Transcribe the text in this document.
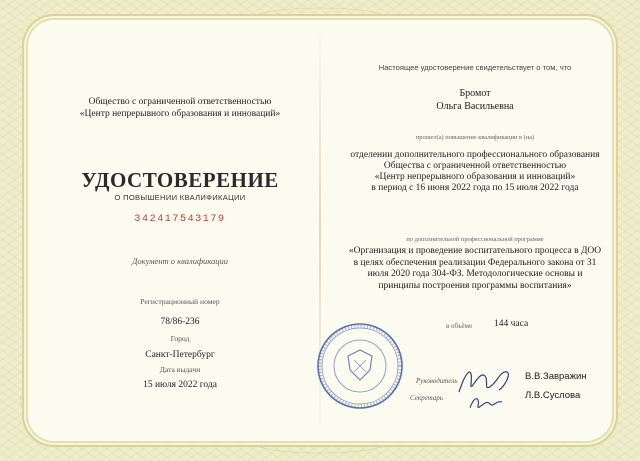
Общество с ограниченной ответственностью
«Центр непрерывного образования и инноваций»
УДОСТОВЕРЕНИЕ
О ПОВЫШЕНИИ КВАЛИФИКАЦИИ
342417543179
Документ о квалификации
Регистрационный номер
78/86-236
Город
Санкт-Петербург
Дата выдачи
15 июля 2022 года
Настоящее удостоверение свидетельствует о том, что
Бромот
Ольга Васильевна
прошел(а) повышение квалификации в (на)
отделении дополнительного профессионального образования
Общества с ограниченной ответственностью
«Центр непрерывного образования и инноваций»
в период с 16 июня 2022 года по 15 июля 2022 года
по дополнительной профессиональной программе
«Организация и проведение воспитательного процесса в ДОО
в целях обеспечения реализации Федерального закона от 31
июля 2020 года 304-ФЗ. Методологические основы и
принципы построения программы воспитания»
в объёме 144 часа
Руководитель	В.В.Завражин
Секретарь	Л.В.Суслова
